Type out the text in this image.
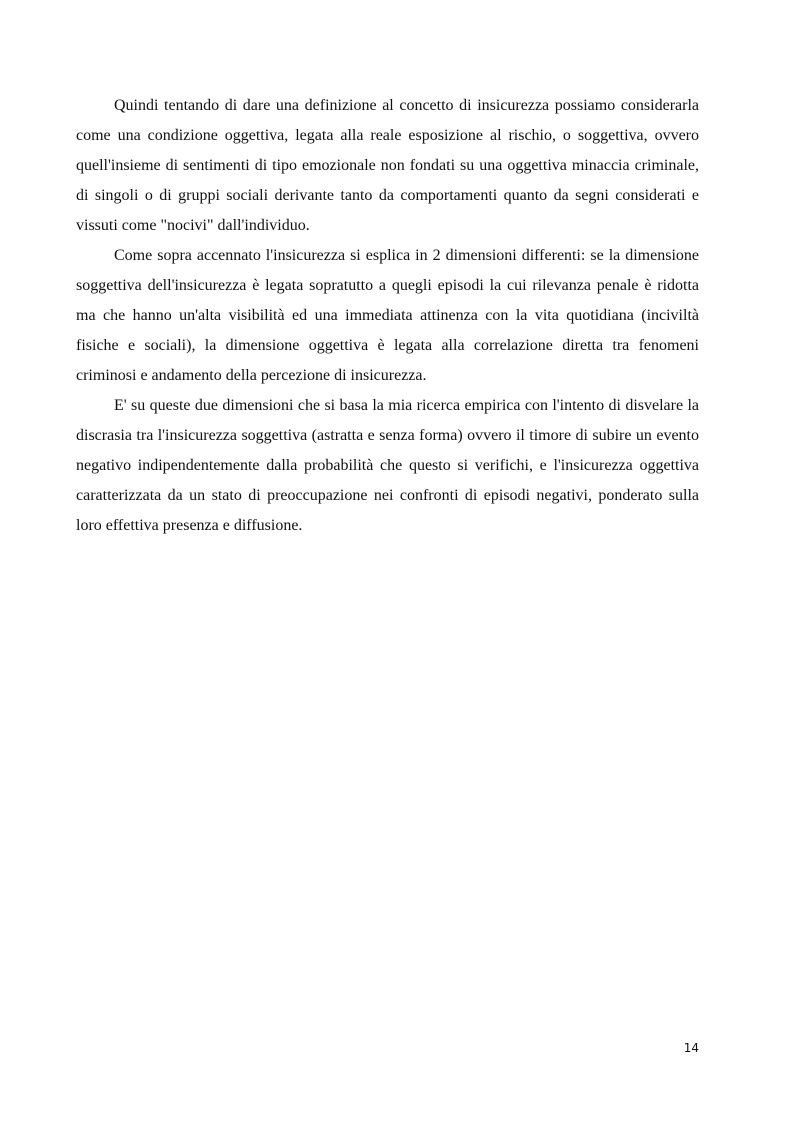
Quindi tentando di dare una definizione al concetto di insicurezza possiamo considerarla come una condizione oggettiva, legata alla reale esposizione al rischio, o soggettiva, ovvero quell'insieme di sentimenti di tipo emozionale non fondati su una oggettiva minaccia criminale, di singoli o di gruppi sociali derivante tanto da comportamenti quanto da segni considerati e vissuti come "nocivi" dall'individuo.

Come sopra accennato l'insicurezza si esplica in 2 dimensioni differenti: se la dimensione soggettiva dell'insicurezza è legata sopratutto a quegli episodi la cui rilevanza penale è ridotta ma che hanno un'alta visibilità ed una immediata attinenza con la vita quotidiana (inciviltà fisiche e sociali), la dimensione oggettiva è legata alla correlazione diretta tra fenomeni criminosi e andamento della percezione di insicurezza.

E' su queste due dimensioni che si basa la mia ricerca empirica con l'intento di disvelare la discrasia tra l'insicurezza soggettiva (astratta e senza forma) ovvero il timore di subire un evento negativo indipendentemente dalla probabilità che questo si verifichi, e l'insicurezza oggettiva caratterizzata da un stato di preoccupazione nei confronti di episodi negativi, ponderato sulla loro effettiva presenza e diffusione.

14
